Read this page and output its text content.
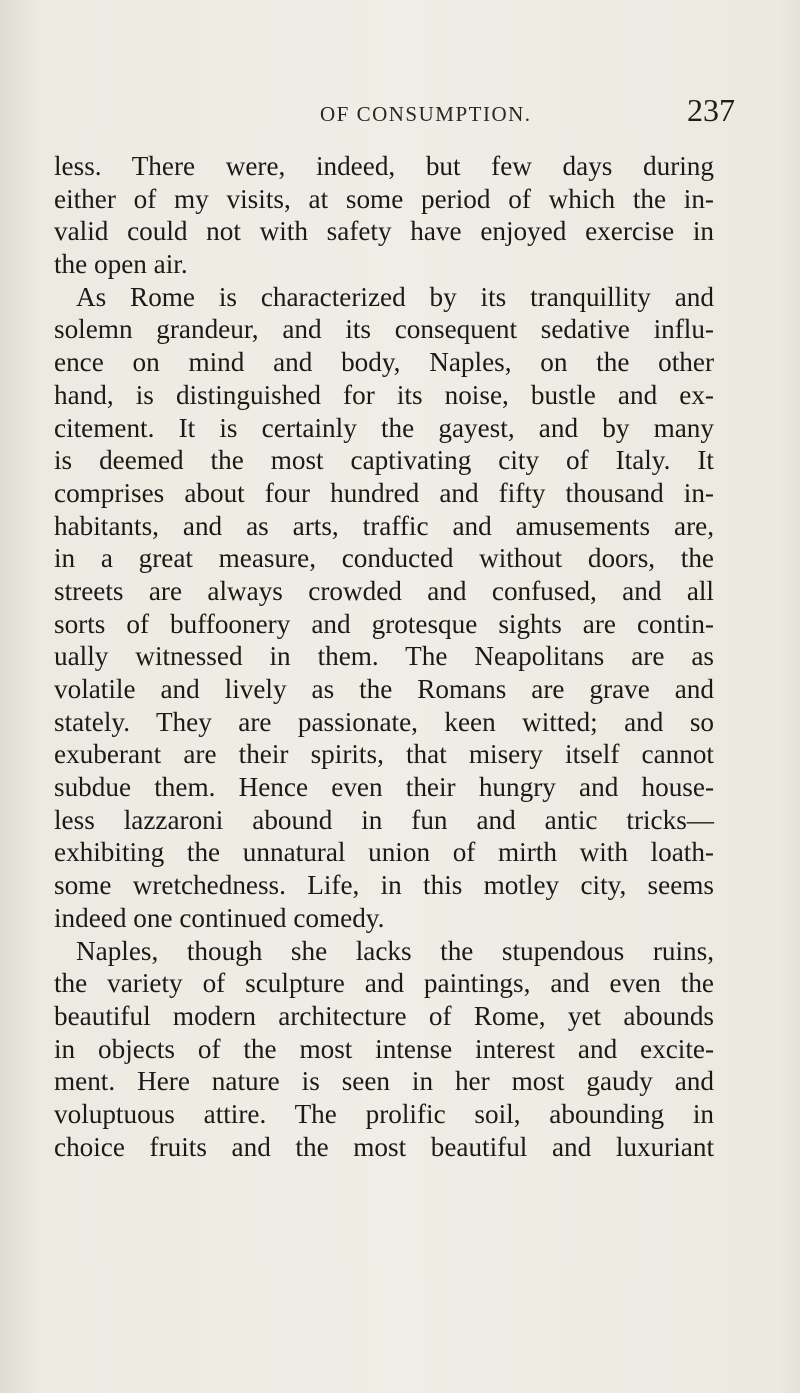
OF CONSUMPTION.	237
less. There were, indeed, but few days during
either of my visits, at some period of which the in-
valid could not with safety have enjoyed exercise in
the open air.
As Rome is characterized by its tranquillity and
solemn grandeur, and its consequent sedative influ-
ence on mind and body, Naples, on the other
hand, is distinguished for its noise, bustle and ex-
citement. It is certainly the gayest, and by many
is deemed the most captivating city of Italy. It
comprises about four hundred and fifty thousand in-
habitants, and as arts, traffic and amusements are,
in a great measure, conducted without doors, the
streets are always crowded and confused, and all
sorts of buffoonery and grotesque sights are contin-
ually witnessed in them. The Neapolitans are as
volatile and lively as the Romans are grave and
stately. They are passionate, keen witted; and so
exuberant are their spirits, that misery itself cannot
subdue them. Hence even their hungry and house-
less lazzaroni abound in fun and antic tricks—
exhibiting the unnatural union of mirth with loath-
some wretchedness. Life, in this motley city, seems
indeed one continued comedy.
Naples, though she lacks the stupendous ruins,
the variety of sculpture and paintings, and even the
beautiful modern architecture of Rome, yet abounds
in objects of the most intense interest and excite-
ment. Here nature is seen in her most gaudy and
voluptuous attire. The prolific soil, abounding in
choice fruits and the most beautiful and luxuriant
